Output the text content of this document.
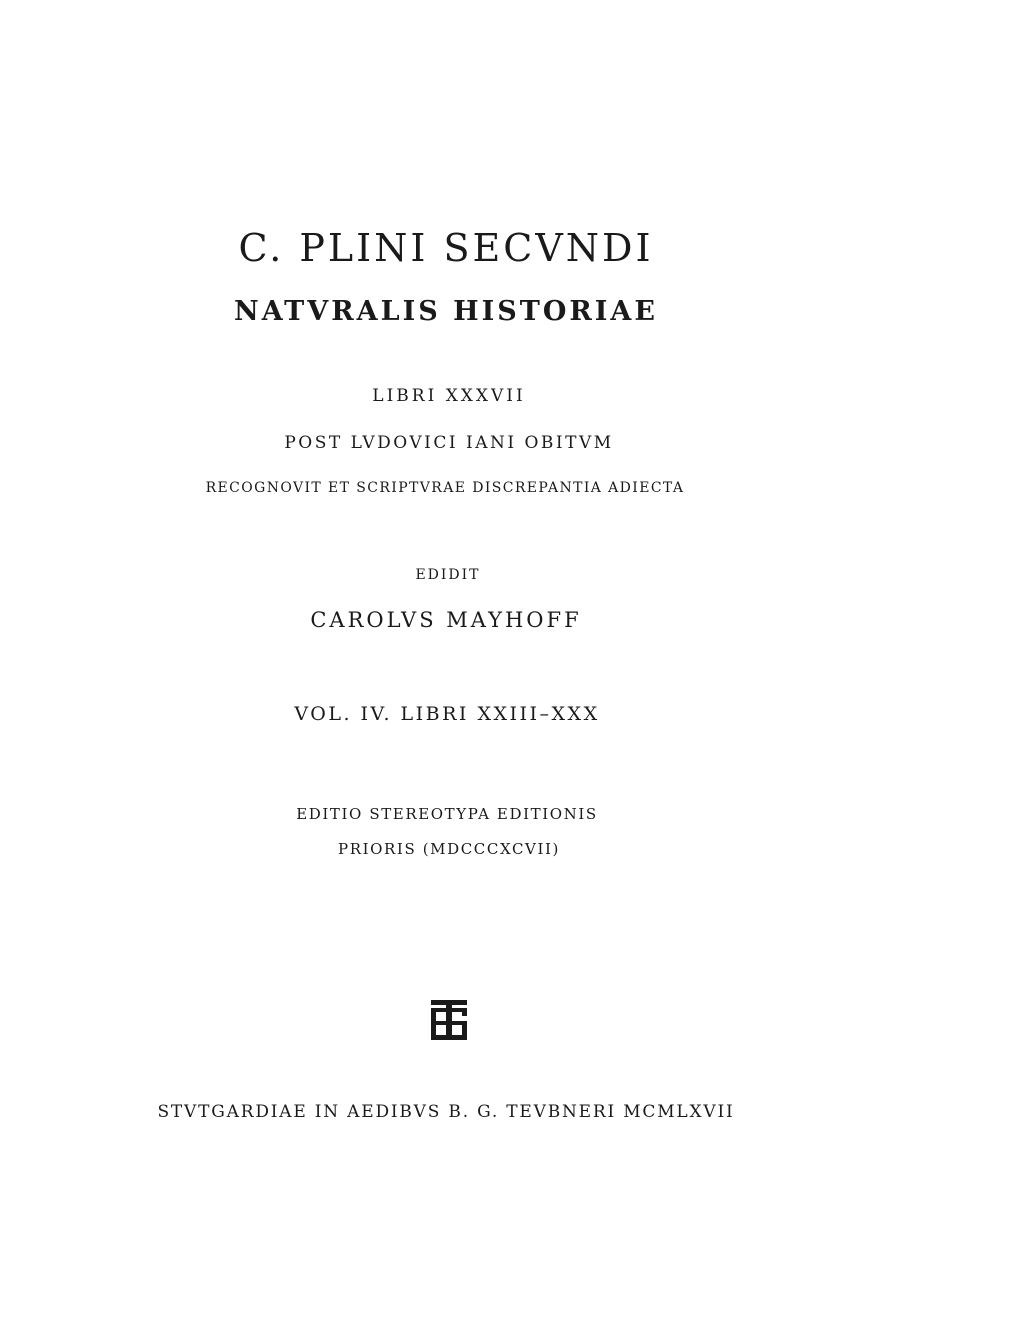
C. PLINI SECVNDI
NATVRALIS HISTORIAE

LIBRI XXXVII

POST LVDOVICI IANI OBITVM

RECOGNOVIT ET SCRIPTVRAE DISCREPANTIA ADIECTA

EDIDIT

CAROLVS MAYHOFF

VOL. IV. LIBRI XXIII–XXX

EDITIO STEREOTYPA EDITIONIS

PRIORIS (MDCCCXCVII)

STVTGARDIAE IN AEDIBVS B. G. TEVBNERI MCMLXVII
